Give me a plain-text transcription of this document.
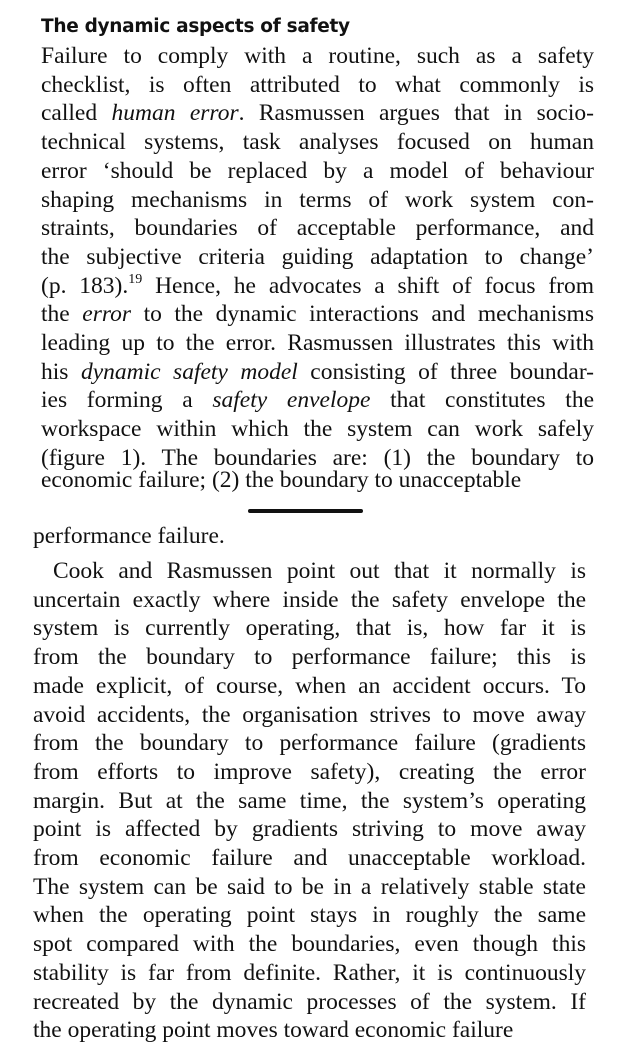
The dynamic aspects of safety
Failure to comply with a routine, such as a safety
checklist, is often attributed to what commonly is
called human error. Rasmussen argues that in socio-
technical systems, task analyses focused on human
error ‘should be replaced by a model of behaviour
shaping mechanisms in terms of work system con-
straints, boundaries of acceptable performance, and
the subjective criteria guiding adaptation to change’
(p. 183).$^{19}$ Hence, he advocates a shift of focus from
the error to the dynamic interactions and mechanisms
leading up to the error. Rasmussen illustrates this with
his dynamic safety model consisting of three boundar-
ies forming a safety envelope that constitutes the
workspace within which the system can work safely
(figure 1). The boundaries are: (1) the boundary to
economic failure; (2) the boundary to unacceptable
performance failure.
Cook and Rasmussen point out that it normally is
uncertain exactly where inside the safety envelope the
system is currently operating, that is, how far it is
from the boundary to performance failure; this is
made explicit, of course, when an accident occurs. To
avoid accidents, the organisation strives to move away
from the boundary to performance failure (gradients
from efforts to improve safety), creating the error
margin. But at the same time, the system’s operating
point is affected by gradients striving to move away
from economic failure and unacceptable workload.
The system can be said to be in a relatively stable state
when the operating point stays in roughly the same
spot compared with the boundaries, even though this
stability is far from definite. Rather, it is continuously
recreated by the dynamic processes of the system. If
the operating point moves toward economic failure
